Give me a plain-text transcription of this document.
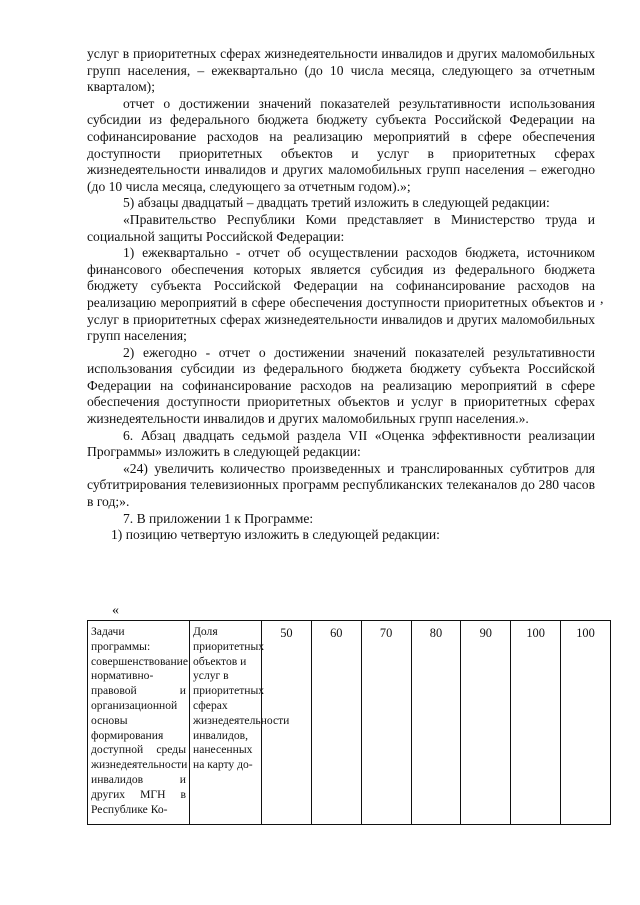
услуг в приоритетных сферах жизнедеятельности инвалидов и других маломобильных групп населения, – ежеквартально (до 10 числа месяца, следующего за отчетным кварталом);

отчет о достижении значений показателей результативности использования субсидии из федерального бюджета бюджету субъекта Российской Федерации на софинансирование расходов на реализацию мероприятий в сфере обеспечения доступности приоритетных объектов и услуг в приоритетных сферах жизнедеятельности инвалидов и других маломобильных групп населения – ежегодно (до 10 числа месяца, следующего за отчетным годом).»;

5) абзацы двадцатый – двадцать третий изложить в следующей редакции:

«Правительство Республики Коми представляет в Министерство труда и социальной защиты Российской Федерации:

1) ежеквартально - отчет об осуществлении расходов бюджета, источником финансового обеспечения которых является субсидия из федерального бюджета бюджету субъекта Российской Федерации на софинансирование расходов на реализацию мероприятий в сфере обеспечения доступности приоритетных объектов и услуг в приоритетных сферах жизнедеятельности инвалидов и других маломобильных групп населения;

2) ежегодно - отчет о достижении значений показателей результативности использования субсидии из федерального бюджета бюджету субъекта Российской Федерации на софинансирование расходов на реализацию мероприятий в сфере обеспечения доступности приоритетных объектов и услуг в приоритетных сферах жизнедеятельности инвалидов и других маломобильных групп населения.».

6. Абзац двадцать седьмой раздела VII «Оценка эффективности реализации Программы» изложить в следующей редакции:

«24) увеличить количество произведенных и транслированных субтитров для субтитрирования телевизионных программ республиканских телеканалов до 280 часов в год;».

7. В приложении 1 к Программе:

1) позицию четвертую изложить в следующей редакции:

,
«
Задачи программы: совершенствование нормативно-правовой и организационной основы формирования доступной среды жизнедеятельности инвалидов и других МГН в Республике Ко-	Доля приоритетных объектов и услуг в приоритетных сферах жизнедеятельности инвалидов, нанесенных на карту до-	50	60	70	80	90	100	100
